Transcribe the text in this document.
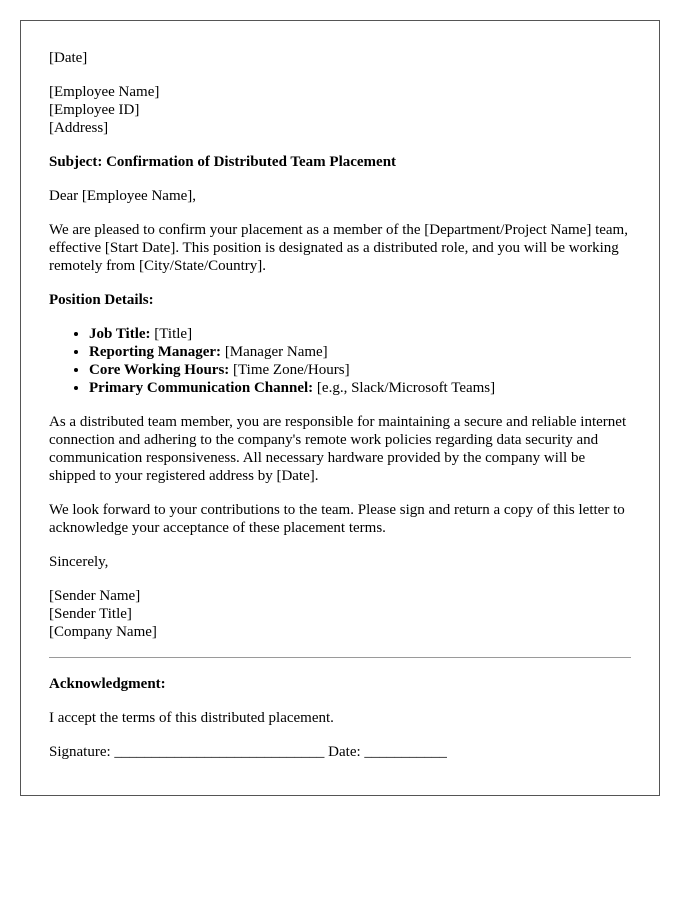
[Date]

[Employee Name]
[Employee ID]
[Address]

Subject: Confirmation of Distributed Team Placement

Dear [Employee Name],

We are pleased to confirm your placement as a member of the [Department/Project Name] team, effective [Start Date]. This position is designated as a distributed role, and you will be working remotely from [City/State/Country].

Position Details:

• Job Title: [Title]
• Reporting Manager: [Manager Name]
• Core Working Hours: [Time Zone/Hours]
• Primary Communication Channel: [e.g., Slack/Microsoft Teams]

As a distributed team member, you are responsible for maintaining a secure and reliable internet connection and adhering to the company's remote work policies regarding data security and communication responsiveness. All necessary hardware provided by the company will be shipped to your registered address by [Date].

We look forward to your contributions to the team. Please sign and return a copy of this letter to acknowledge your acceptance of these placement terms.

Sincerely,

[Sender Name]
[Sender Title]
[Company Name]

Acknowledgment:

I accept the terms of this distributed placement.

Signature: ____________________________ Date: ___________
